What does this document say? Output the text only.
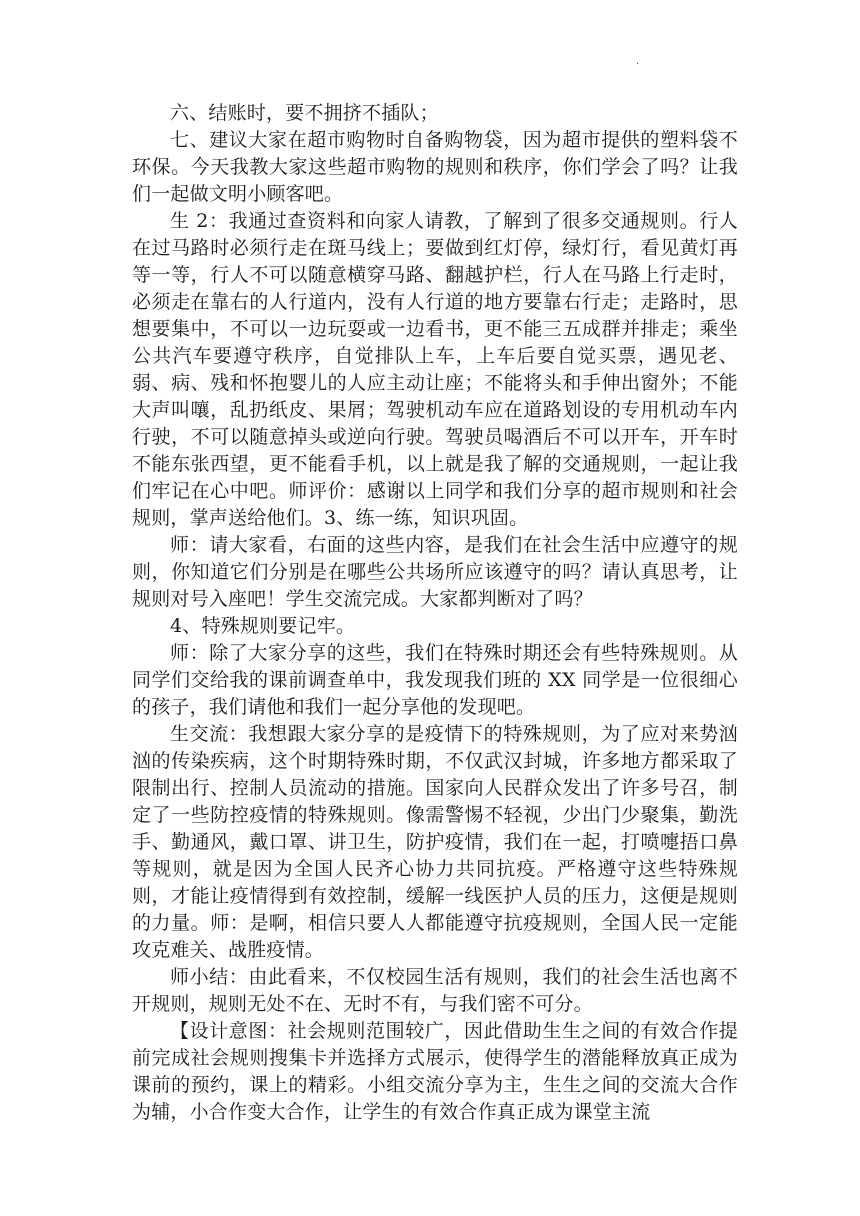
.

六、结账时，要不拥挤不插队；

七、建议大家在超市购物时自备购物袋，因为超市提供的塑料袋不环保。今天我教大家这些超市购物的规则和秩序，你们学会了吗？让我们一起做文明小顾客吧。

生 2：我通过查资料和向家人请教，了解到了很多交通规则。行人在过马路时必须行走在斑马线上；要做到红灯停，绿灯行，看见黄灯再等一等，行人不可以随意横穿马路、翻越护栏，行人在马路上行走时，必须走在靠右的人行道内，没有人行道的地方要靠右行走；走路时，思想要集中，不可以一边玩耍或一边看书，更不能三五成群并排走；乘坐公共汽车要遵守秩序，自觉排队上车，上车后要自觉买票，遇见老、弱、病、残和怀抱婴儿的人应主动让座；不能将头和手伸出窗外；不能大声叫嚷，乱扔纸皮、果屑；驾驶机动车应在道路划设的专用机动车内行驶，不可以随意掉头或逆向行驶。驾驶员喝酒后不可以开车，开车时不能东张西望，更不能看手机，以上就是我了解的交通规则，一起让我们牢记在心中吧。师评价：感谢以上同学和我们分享的超市规则和社会规则，掌声送给他们。3、练一练，知识巩固。

师：请大家看，右面的这些内容，是我们在社会生活中应遵守的规则，你知道它们分别是在哪些公共场所应该遵守的吗？请认真思考，让规则对号入座吧！学生交流完成。大家都判断对了吗？

4、特殊规则要记牢。

师：除了大家分享的这些，我们在特殊时期还会有些特殊规则。从同学们交给我的课前调查单中，我发现我们班的 XX 同学是一位很细心的孩子，我们请他和我们一起分享他的发现吧。

生交流：我想跟大家分享的是疫情下的特殊规则，为了应对来势汹汹的传染疾病，这个时期特殊时期，不仅武汉封城，许多地方都采取了限制出行、控制人员流动的措施。国家向人民群众发出了许多号召，制定了一些防控疫情的特殊规则。像需警惕不轻视，少出门少聚集，勤洗手、勤通风，戴口罩、讲卫生，防护疫情，我们在一起，打喷嚏捂口鼻等规则，就是因为全国人民齐心协力共同抗疫。严格遵守这些特殊规则，才能让疫情得到有效控制，缓解一线医护人员的压力，这便是规则的力量。师：是啊，相信只要人人都能遵守抗疫规则，全国人民一定能攻克难关、战胜疫情。

师小结：由此看来，不仅校园生活有规则，我们的社会生活也离不开规则，规则无处不在、无时不有，与我们密不可分。

【设计意图：社会规则范围较广，因此借助生生之间的有效合作提前完成社会规则搜集卡并选择方式展示，使得学生的潜能释放真正成为课前的预约，课上的精彩。小组交流分享为主，生生之间的交流大合作为辅，小合作变大合作，让学生的有效合作真正成为课堂主流
